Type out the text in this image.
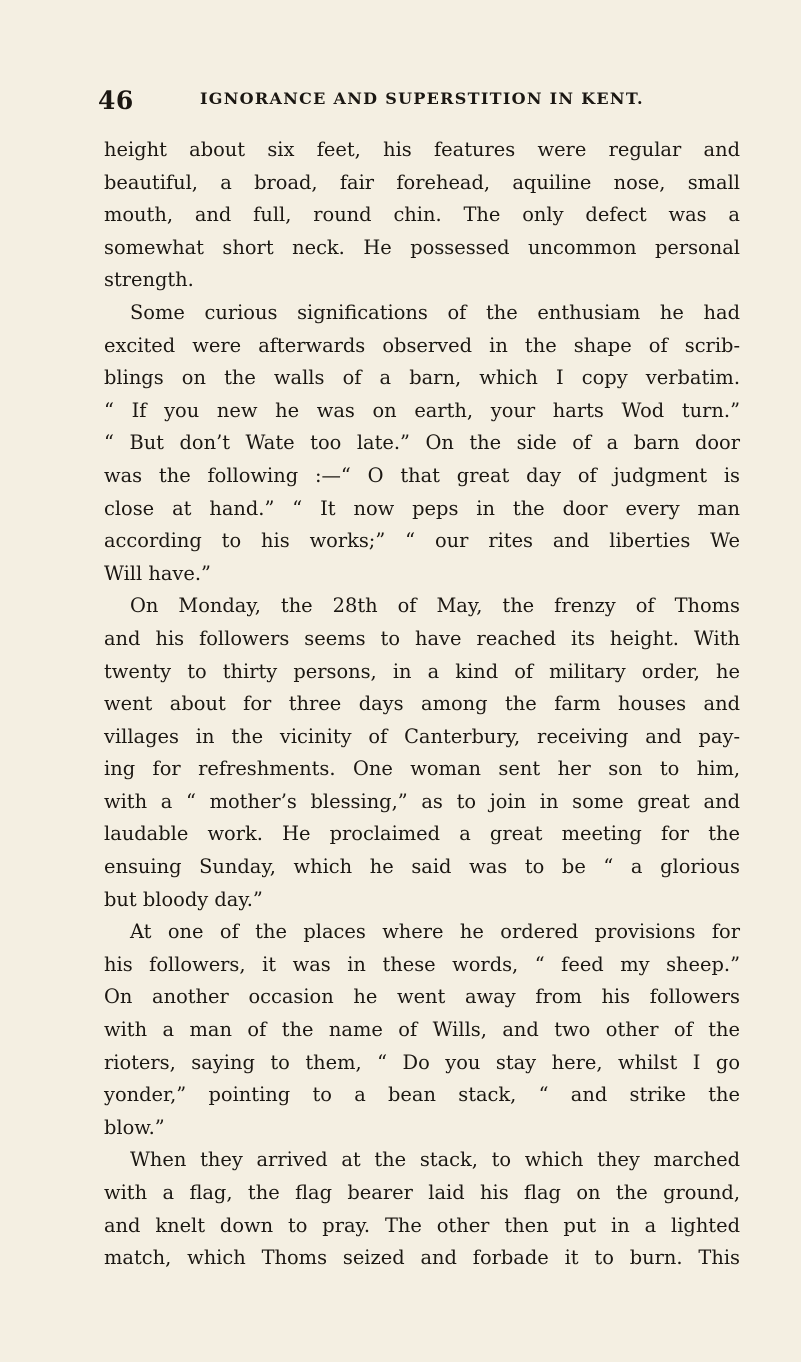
46	IGNORANCE AND SUPERSTITION IN KENT.
height about six feet, his features were regular and
beautiful, a broad, fair forehead, aquiline nose, small
mouth, and full, round chin. The only defect was a
somewhat short neck. He possessed uncommon personal
strength.
Some curious significations of the enthusiam he had
excited were afterwards observed in the shape of scrib-
blings on the walls of a barn, which I copy verbatim.
“ If you new he was on earth, your harts Wod turn.”
“ But don’t Wate too late.” On the side of a barn door
was the following :—“ O that great day of judgment is
close at hand.” “ It now peps in the door every man
according to his works;” “ our rites and liberties We
Will have.”
On Monday, the 28th of May, the frenzy of Thoms
and his followers seems to have reached its height. With
twenty to thirty persons, in a kind of military order, he
went about for three days among the farm houses and
villages in the vicinity of Canterbury, receiving and pay-
ing for refreshments. One woman sent her son to him,
with a “ mother’s blessing,” as to join in some great and
laudable work. He proclaimed a great meeting for the
ensuing Sunday, which he said was to be “ a glorious
but bloody day.”
At one of the places where he ordered provisions for
his followers, it was in these words, “ feed my sheep.”
On another occasion he went away from his followers
with a man of the name of Wills, and two other of the
rioters, saying to them, “ Do you stay here, whilst I go
yonder,” pointing to a bean stack, “ and strike the
blow.”
When they arrived at the stack, to which they marched
with a flag, the flag bearer laid his flag on the ground,
and knelt down to pray. The other then put in a lighted
match, which Thoms seized and forbade it to burn. This
